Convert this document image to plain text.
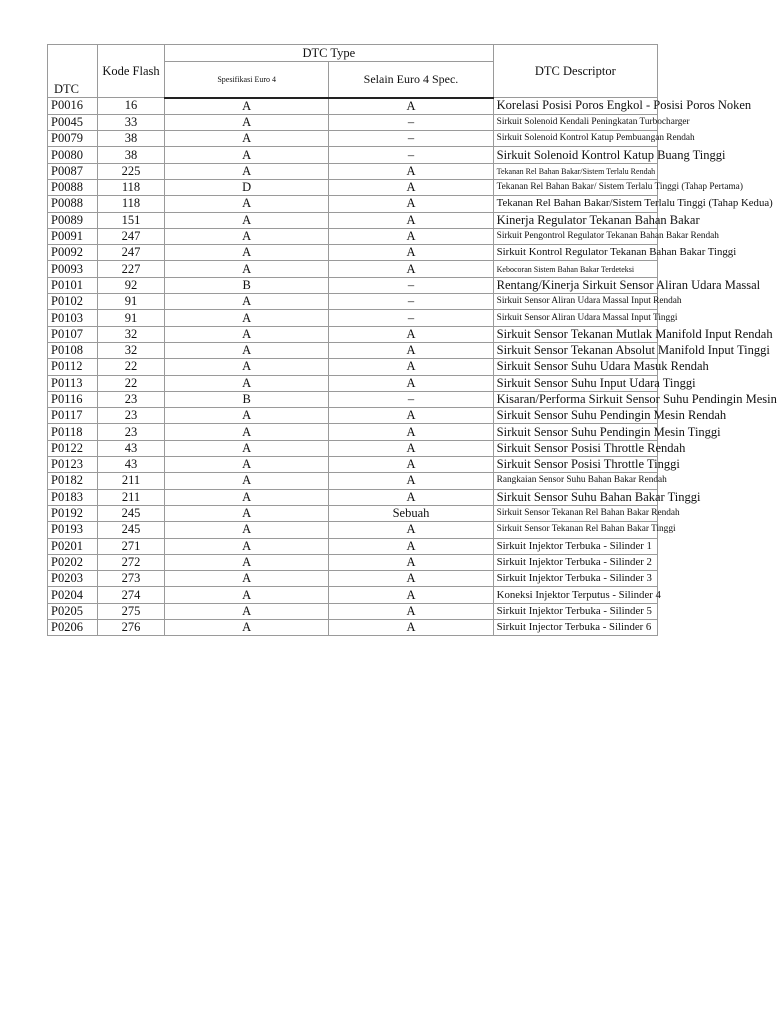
DTC	Kode Flash	DTC Type		DTC Descriptor
		Spesifikasi Euro 4	Selain Euro 4 Spec.	

P0016	16	A	A	Korelasi Posisi Poros Engkol - Posisi Poros Noken
P0045	33	A	–	Sirkuit Solenoid Kendali Peningkatan Turbocharger
P0079	38	A	–	Sirkuit Solenoid Kontrol Katup Pembuangan Rendah
P0080	38	A	–	Sirkuit Solenoid Kontrol Katup Buang Tinggi
P0087	225	A	A	Tekanan Rel Bahan Bakar/Sistem Terlalu Rendah
P0088	118	D	A	Tekanan Rel Bahan Bakar/ Sistem Terlalu Tinggi (Tahap Pertama)
P0088	118	A	A	Tekanan Rel Bahan Bakar/Sistem Terlalu Tinggi (Tahap Kedua)
P0089	151	A	A	Kinerja Regulator Tekanan Bahan Bakar
P0091	247	A	A	Sirkuit Pengontrol Regulator Tekanan Bahan Bakar Rendah
P0092	247	A	A	Sirkuit Kontrol Regulator Tekanan Bahan Bakar Tinggi
P0093	227	A	A	Kebocoran Sistem Bahan Bakar Terdeteksi
P0101	92	B	–	Rentang/Kinerja Sirkuit Sensor Aliran Udara Massal
P0102	91	A	–	Sirkuit Sensor Aliran Udara Massal Input Rendah
P0103	91	A	–	Sirkuit Sensor Aliran Udara Massal Input Tinggi
P0107	32	A	A	Sirkuit Sensor Tekanan Mutlak Manifold Input Rendah
P0108	32	A	A	Sirkuit Sensor Tekanan Absolut Manifold Input Tinggi
P0112	22	A	A	Sirkuit Sensor Suhu Udara Masuk Rendah
P0113	22	A	A	Sirkuit Sensor Suhu Input Udara Tinggi
P0116	23	B	–	Kisaran/Performa Sirkuit Sensor Suhu Pendingin Mesin
P0117	23	A	A	Sirkuit Sensor Suhu Pendingin Mesin Rendah
P0118	23	A	A	Sirkuit Sensor Suhu Pendingin Mesin Tinggi
P0122	43	A	A	Sirkuit Sensor Posisi Throttle Rendah
P0123	43	A	A	Sirkuit Sensor Posisi Throttle Tinggi
P0182	211	A	A	Rangkaian Sensor Suhu Bahan Bakar Rendah
P0183	211	A	A	Sirkuit Sensor Suhu Bahan Bakar Tinggi
P0192	245	A	Sebuah	Sirkuit Sensor Tekanan Rel Bahan Bakar Rendah
P0193	245	A	A	Sirkuit Sensor Tekanan Rel Bahan Bakar Tinggi
P0201	271	A	A	Sirkuit Injektor Terbuka - Silinder 1
P0202	272	A	A	Sirkuit Injektor Terbuka - Silinder 2
P0203	273	A	A	Sirkuit Injektor Terbuka - Silinder 3
P0204	274	A	A	Koneksi Injektor Terputus - Silinder 4
P0205	275	A	A	Sirkuit Injektor Terbuka - Silinder 5
P0206	276	A	A	Sirkuit Injector Terbuka - Silinder 6
